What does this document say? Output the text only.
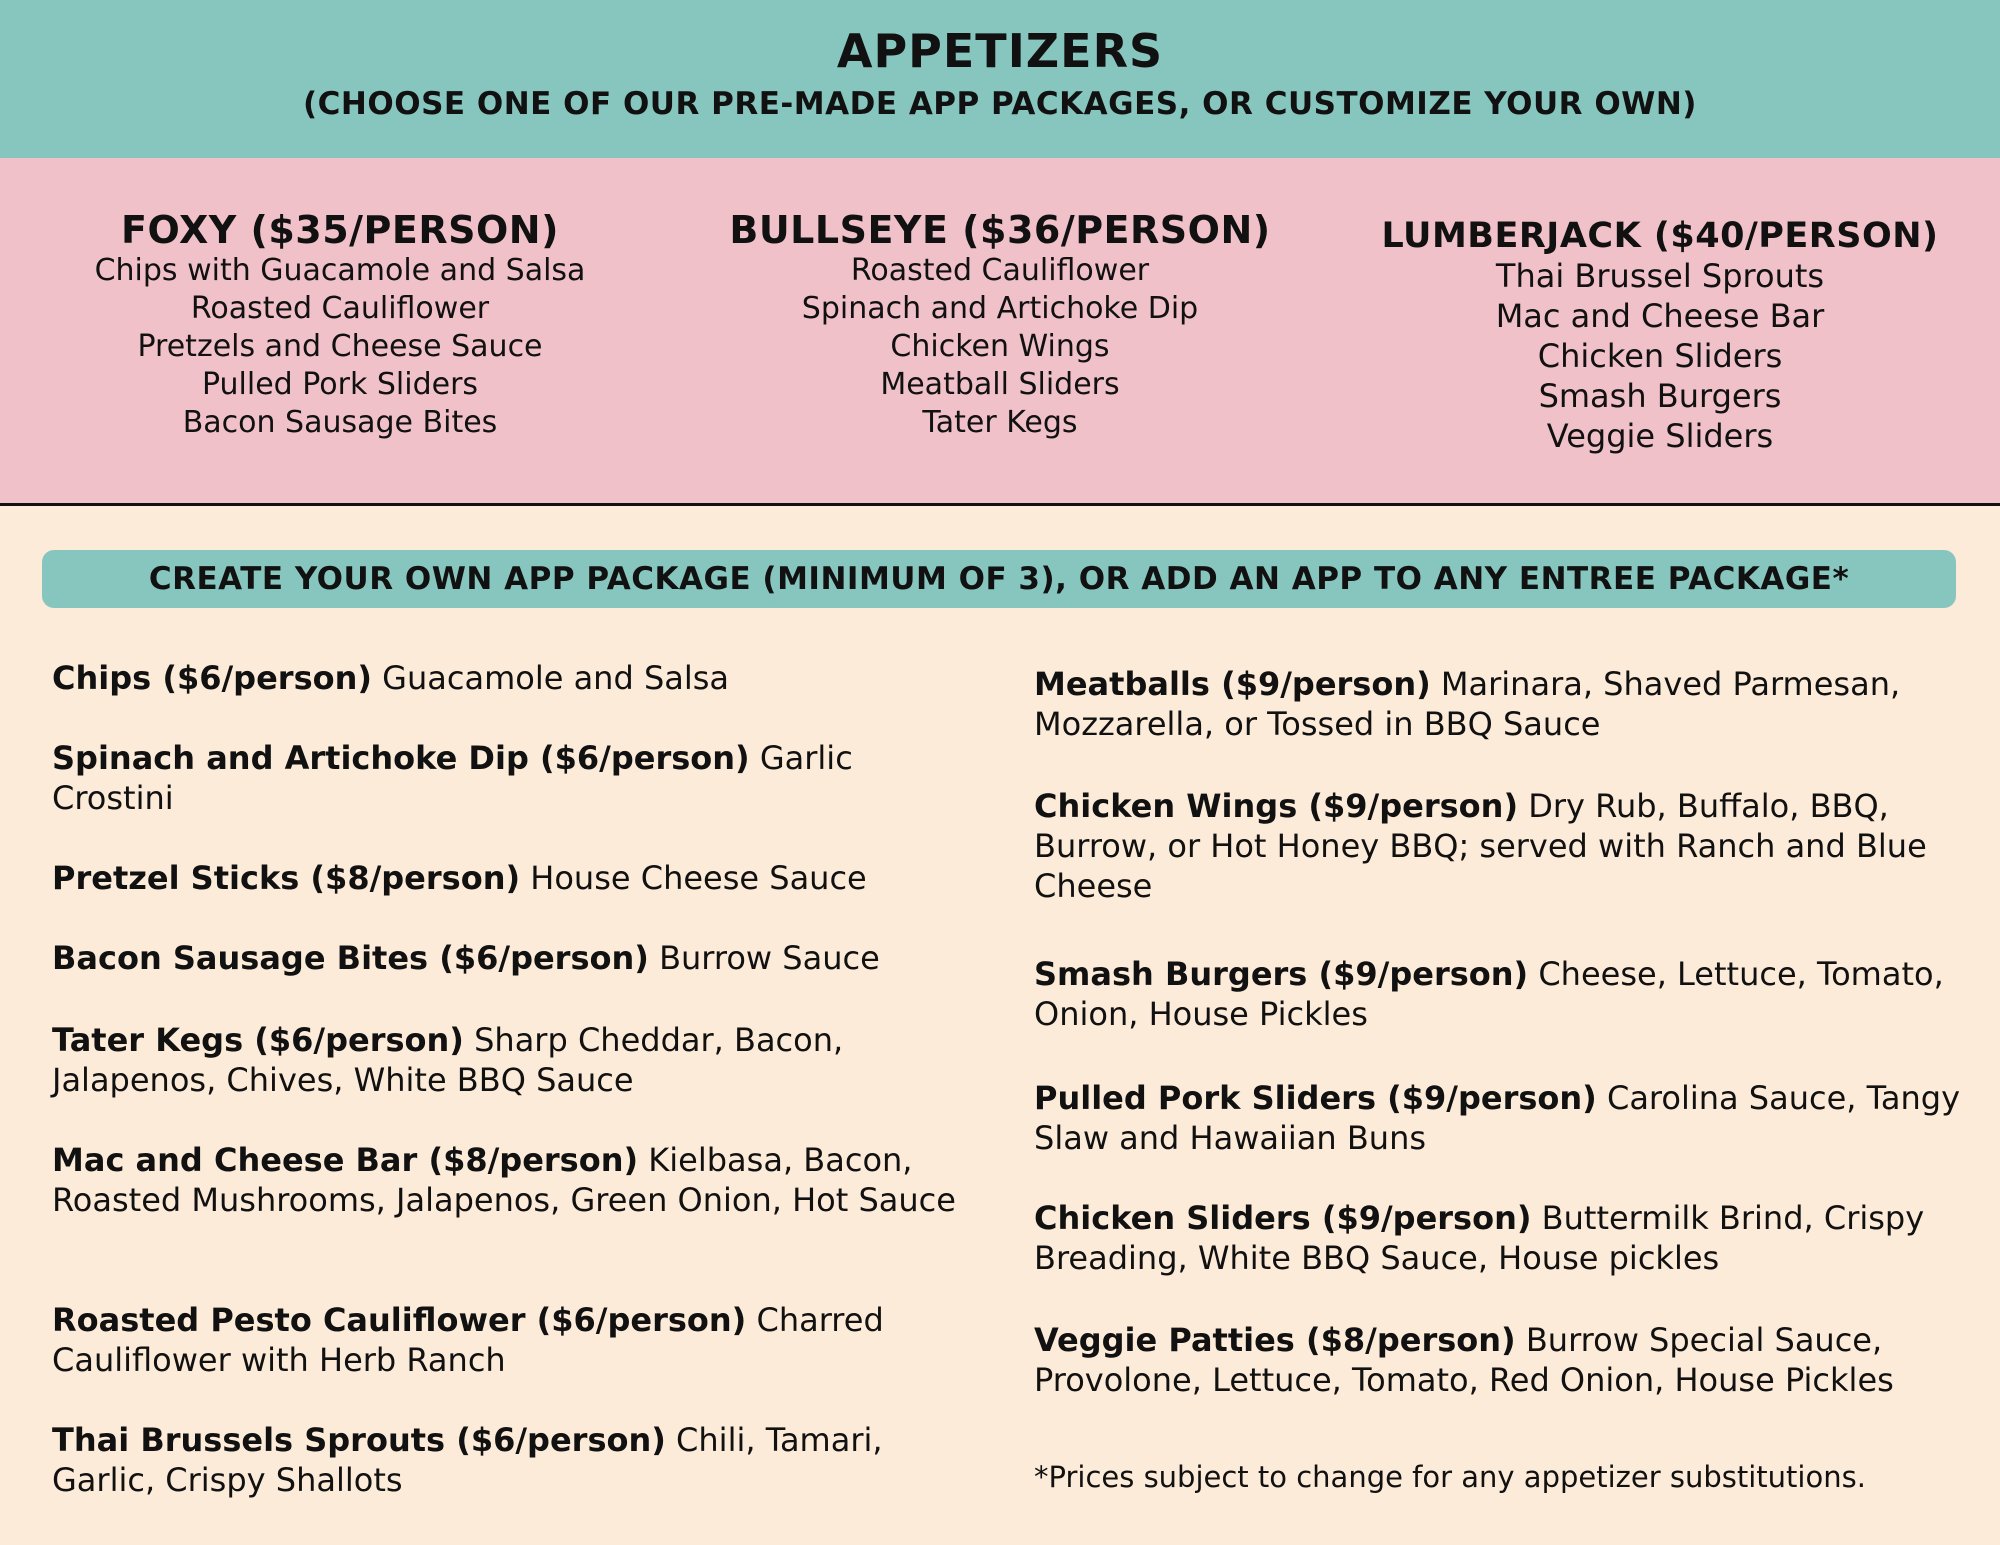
APPETIZERS
(CHOOSE ONE OF OUR PRE-MADE APP PACKAGES, OR CUSTOMIZE YOUR OWN)
FOXY ($35/PERSON)
Chips with Guacamole and Salsa
Roasted Cauliflower
Pretzels and Cheese Sauce
Pulled Pork Sliders
Bacon Sausage Bites
BULLSEYE ($36/PERSON)
Roasted Cauliflower
Spinach and Artichoke Dip
Chicken Wings
Meatball Sliders
Tater Kegs
LUMBERJACK ($40/PERSON)
Thai Brussel Sprouts
Mac and Cheese Bar
Chicken Sliders
Smash Burgers
Veggie Sliders
CREATE YOUR OWN APP PACKAGE (MINIMUM OF 3), OR ADD AN APP TO ANY ENTREE PACKAGE*
Chips ($6/person) Guacamole and Salsa
Spinach and Artichoke Dip ($6/person) Garlic Crostini
Pretzel Sticks ($8/person) House Cheese Sauce
Bacon Sausage Bites ($6/person) Burrow Sauce
Tater Kegs ($6/person) Sharp Cheddar, Bacon, Jalapenos, Chives, White BBQ Sauce
Mac and Cheese Bar ($8/person) Kielbasa, Bacon, Roasted Mushrooms, Jalapenos, Green Onion, Hot Sauce
Roasted Pesto Cauliflower ($6/person) Charred Cauliflower with Herb Ranch
Thai Brussels Sprouts ($6/person) Chili, Tamari, Garlic, Crispy Shallots
Meatballs ($9/person) Marinara, Shaved Parmesan, Mozzarella, or Tossed in BBQ Sauce
Chicken Wings ($9/person) Dry Rub, Buffalo, BBQ, Burrow, or Hot Honey BBQ; served with Ranch and Blue Cheese
Smash Burgers ($9/person) Cheese, Lettuce, Tomato, Onion, House Pickles
Pulled Pork Sliders ($9/person) Carolina Sauce, Tangy Slaw and Hawaiian Buns
Chicken Sliders ($9/person) Buttermilk Brind, Crispy Breading, White BBQ Sauce, House pickles
Veggie Patties ($8/person) Burrow Special Sauce, Provolone, Lettuce, Tomato, Red Onion, House Pickles
*Prices subject to change for any appetizer substitutions.
